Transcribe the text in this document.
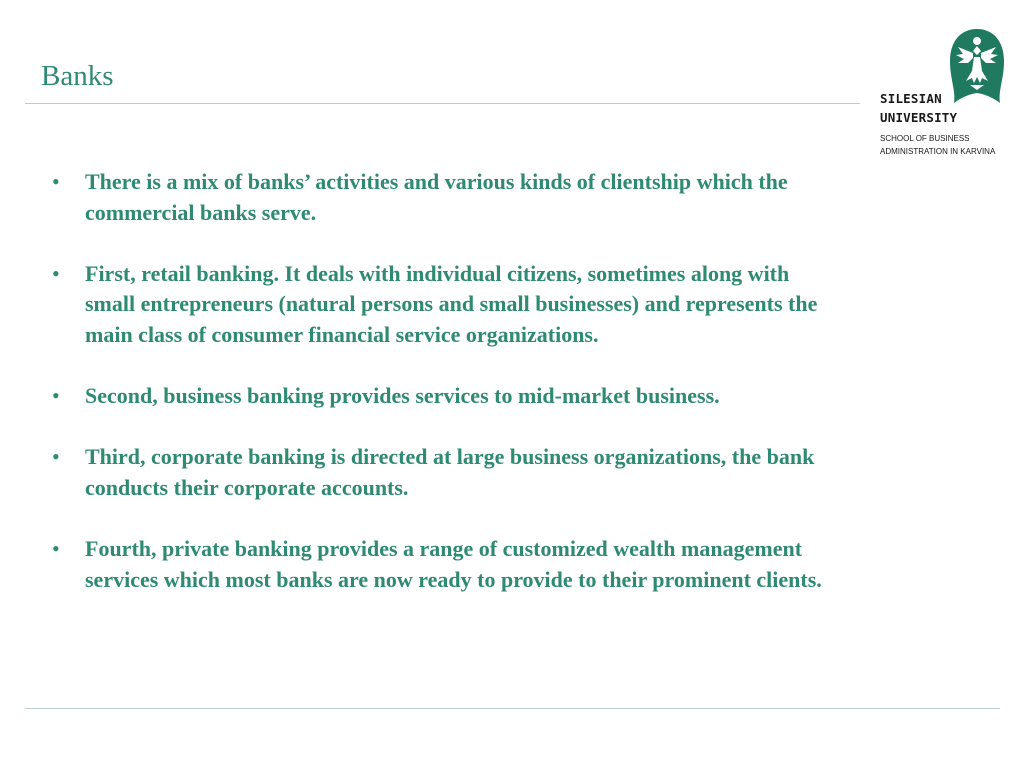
Banks
SILESIAN
UNIVERSITY
SCHOOL OF BUSINESS
ADMINISTRATION IN KARVINA
• There is a mix of banks’ activities and various kinds of clientship which the commercial banks serve.
• First, retail banking. It deals with individual citizens, sometimes along with small entrepreneurs (natural persons and small businesses) and represents the main class of consumer financial service organizations.
• Second, business banking provides services to mid-market business.
• Third, corporate banking is directed at large business organizations, the bank conducts their corporate accounts.
• Fourth, private banking provides a range of customized wealth management services which most banks are now ready to provide to their prominent clients.
